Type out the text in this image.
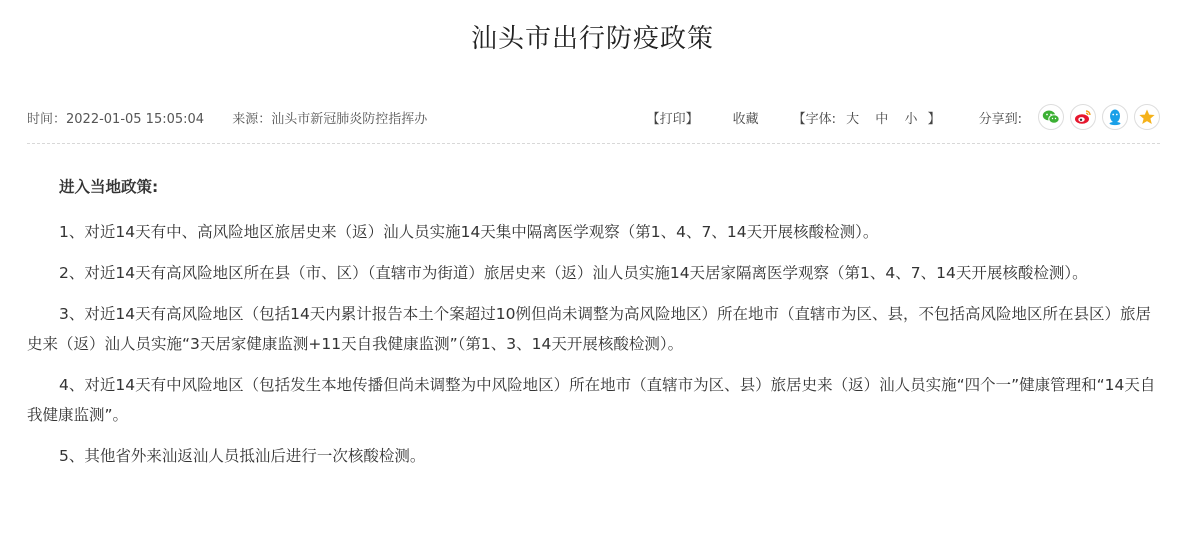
汕头市出行防疫政策
时间：2022-01-05 15:05:04 来源：汕头市新冠肺炎防控指挥办	【打印】	收藏	【字体: 大 中 小 】	分享到:

进入当地政策:

1、对近14天有中、高风险地区旅居史来（返）汕人员实施14天集中隔离医学观察（第1、4、7、14天开展核酸检测）。

2、对近14天有高风险地区所在县（市、区）（直辖市为街道）旅居史来（返）汕人员实施14天居家隔离医学观察（第1、4、7、14天开展核酸检测）。

3、对近14天有高风险地区（包括14天内累计报告本土个案超过10例但尚未调整为高风险地区）所在地市（直辖市为区、县，不包括高风险地区所在县区）旅居史来（返）汕人员实施“3天居家健康监测+11天自我健康监测”（第1、3、14天开展核酸检测）。

4、对近14天有中风险地区（包括发生本地传播但尚未调整为中风险地区）所在地市（直辖市为区、县）旅居史来（返）汕人员实施“四个一”健康管理和“14天自我健康监测”。

5、其他省外来汕返汕人员抵汕后进行一次核酸检测。
